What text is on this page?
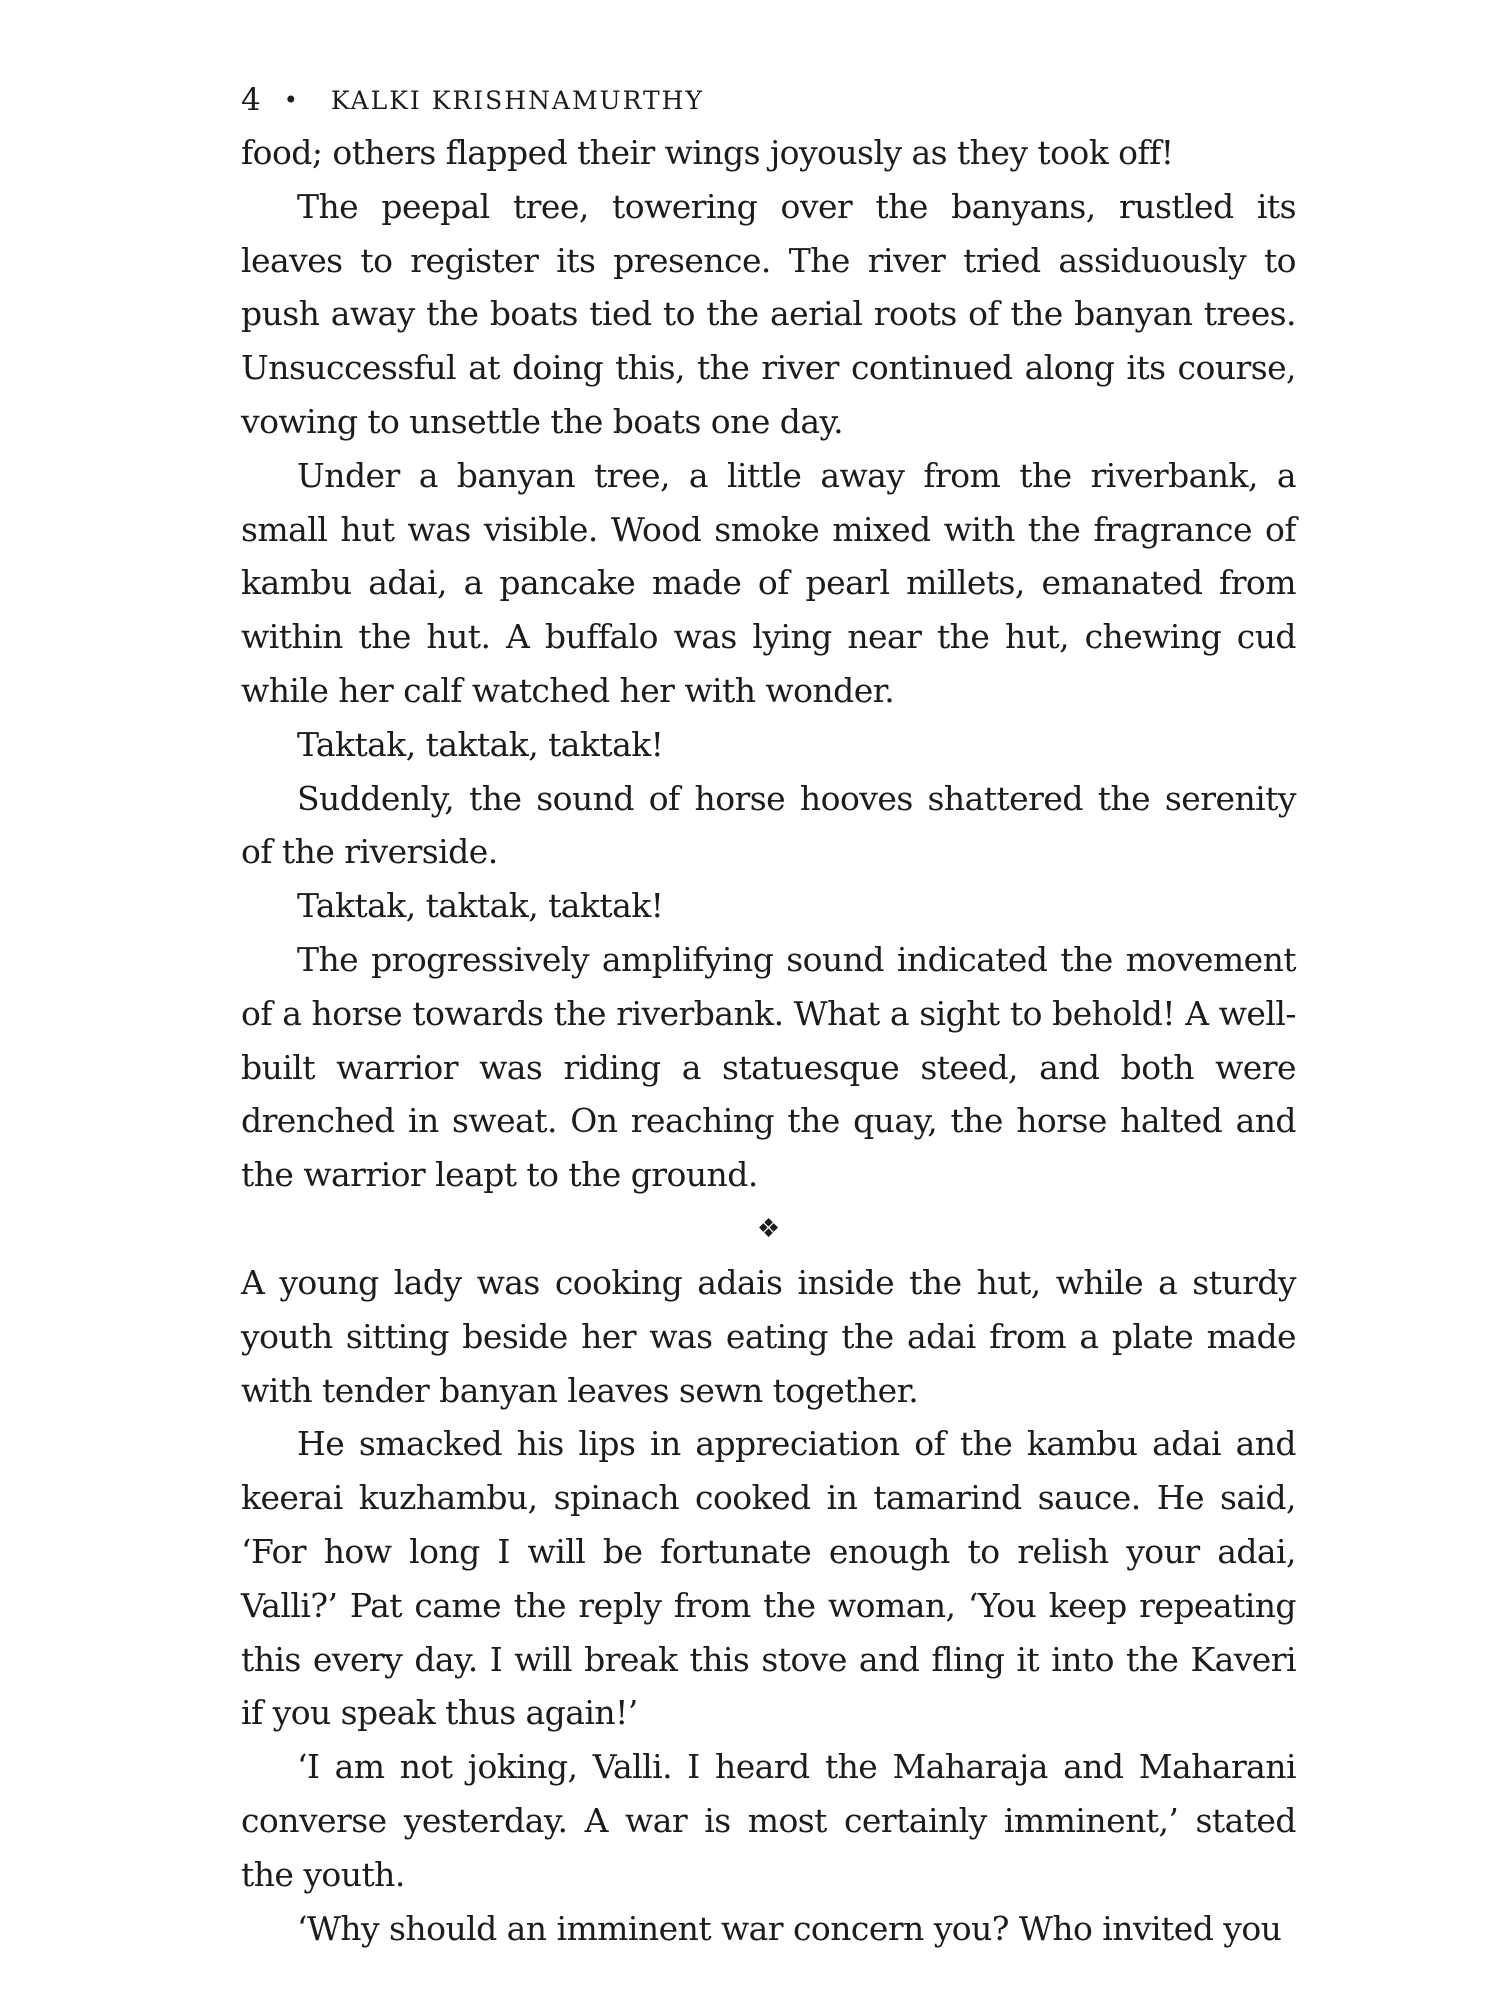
4 • KALKI KRISHNAMURTHY

food; others flapped their wings joyously as they took off!

The peepal tree, towering over the banyans, rustled its leaves to register its presence. The river tried assiduously to push away the boats tied to the aerial roots of the banyan trees. Unsuccessful at doing this, the river continued along its course, vowing to unsettle the boats one day.

Under a banyan tree, a little away from the riverbank, a small hut was visible. Wood smoke mixed with the fragrance of kambu adai, a pancake made of pearl millets, emanated from within the hut. A buffalo was lying near the hut, chewing cud while her calf watched her with wonder.

Taktak, taktak, taktak!

Suddenly, the sound of horse hooves shattered the serenity of the riverside.

Taktak, taktak, taktak!

The progressively amplifying sound indicated the movement of a horse towards the riverbank. What a sight to behold! A well-built warrior was riding a statuesque steed, and both were drenched in sweat. On reaching the quay, the horse halted and the warrior leapt to the ground.

❖

A young lady was cooking adais inside the hut, while a sturdy youth sitting beside her was eating the adai from a plate made with tender banyan leaves sewn together.

He smacked his lips in appreciation of the kambu adai and keerai kuzhambu, spinach cooked in tamarind sauce. He said, ‘For how long I will be fortunate enough to relish your adai, Valli?’ Pat came the reply from the woman, ‘You keep repeating this every day. I will break this stove and fling it into the Kaveri if you speak thus again!’

‘I am not joking, Valli. I heard the Maharaja and Maharani converse yesterday. A war is most certainly imminent,’ stated the youth.

‘Why should an imminent war concern you? Who invited you
